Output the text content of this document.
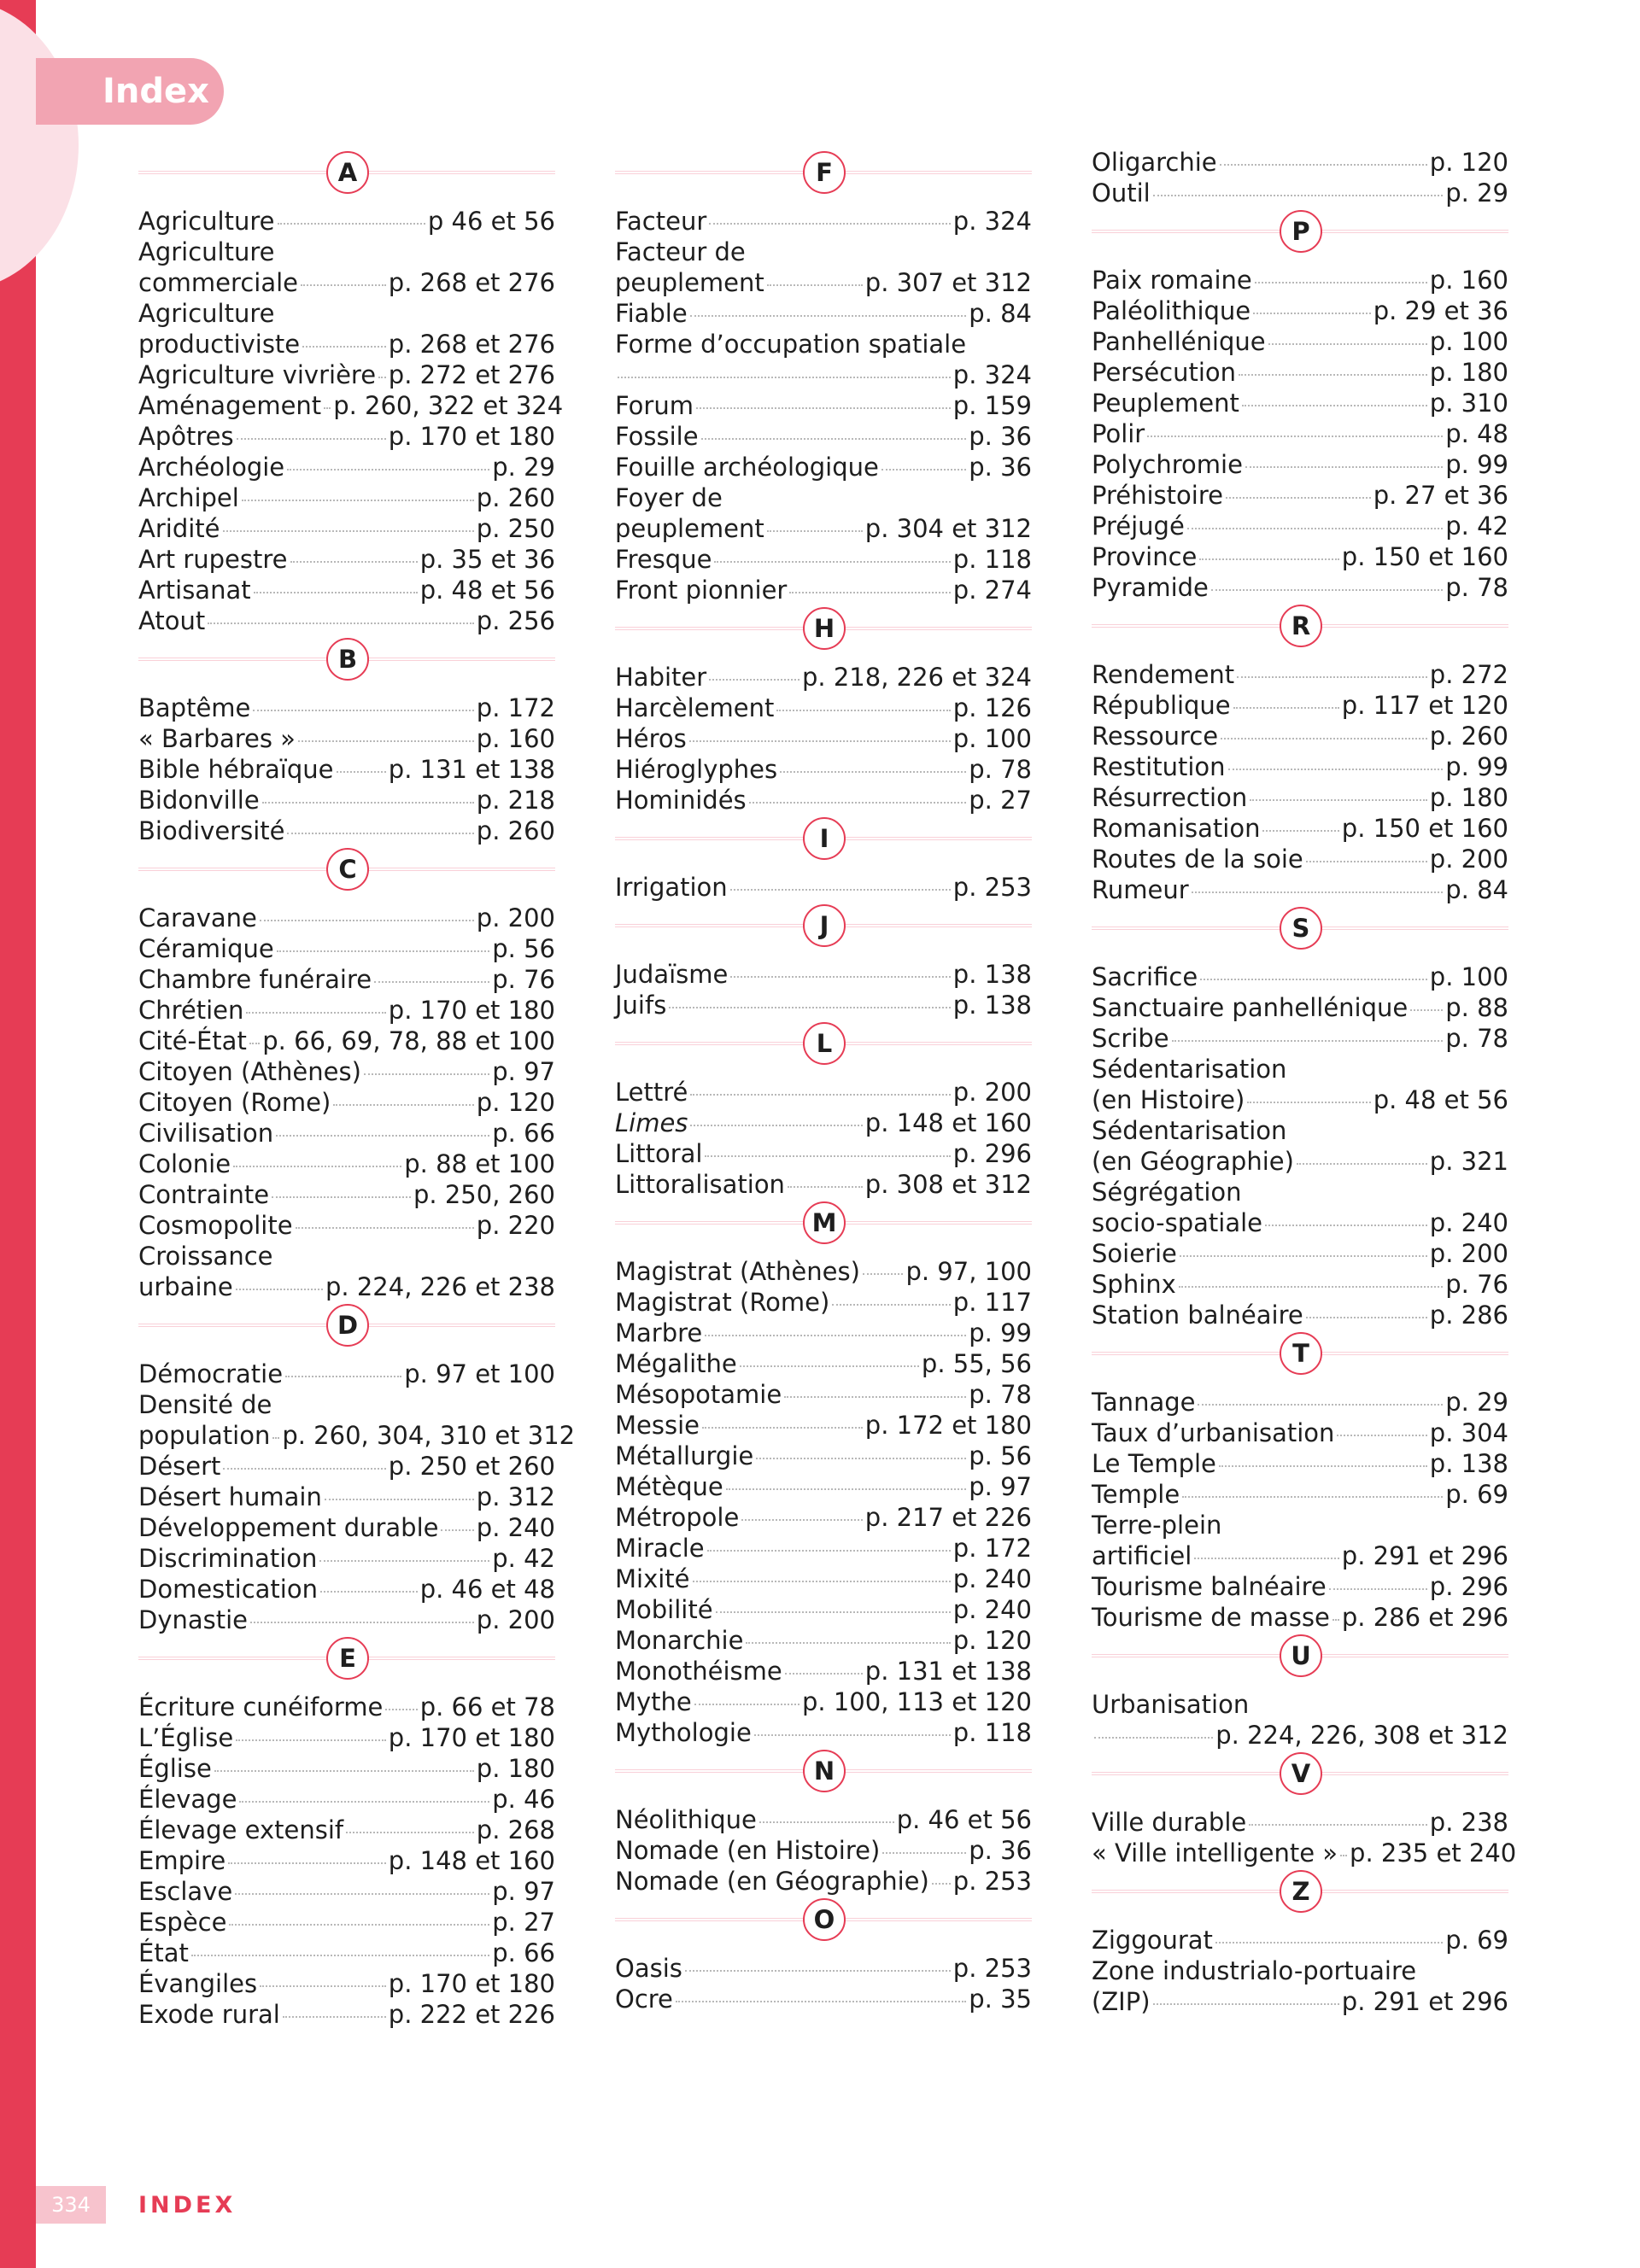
Index
A
Agriculture	p 46 et 56
Agriculture
commerciale	p. 268 et 276
Agriculture
productiviste	p. 268 et 276
Agriculture vivrière p. 272 et 276
Aménagement p. 260, 322 et 324
Apôtres	p. 170 et 180
Archéologie	p. 29
Archipel	p. 260
Aridité	p. 250
Art rupestre	p. 35 et 36
Artisanat	p. 48 et 56
Atout	p. 256
B
Baptême	p. 172
« Barbares »	p. 160
Bible hébraïque p. 131 et 138
Bidonville	p. 218
Biodiversité	p. 260
C
Caravane	p. 200
Céramique	p. 56
Chambre funéraire	p. 76
Chrétien	p. 170 et 180
Cité-État p. 66, 69, 78, 88 et 100
Citoyen (Athènes)	p. 97
Citoyen (Rome)	p. 120
Civilisation	p. 66
Colonie	p. 88 et 100
Contrainte	p. 250, 260
Cosmopolite	p. 220
Croissance
urbaine	p. 224, 226 et 238
D
Démocratie	p. 97 et 100
Densité de
population p. 260, 304, 310 et 312
Désert	p. 250 et 260
Désert humain	p. 312
Développement durable p. 240
Discrimination	p. 42
Domestication	p. 46 et 48
Dynastie	p. 200
E
Écriture cunéiforme p. 66 et 78
L’Église	p. 170 et 180
Église	p. 180
Élevage	p. 46
Élevage extensif	p. 268
Empire	p. 148 et 160
Esclave	p. 97
Espèce	p. 27
État	p. 66
Évangiles	p. 170 et 180
Exode rural	p. 222 et 226
F
Facteur	p. 324
Facteur de
peuplement	p. 307 et 312
Fiable	p. 84
Forme d’occupation spatiale
p. 324
Forum	p. 159
Fossile	p. 36
Fouille archéologique	p. 36
Foyer de
peuplement	p. 304 et 312
Fresque	p. 118
Front pionnier	p. 274
H
Habiter	p. 218, 226 et 324
Harcèlement	p. 126
Héros	p. 100
Hiéroglyphes	p. 78
Hominidés	p. 27
I
Irrigation	p. 253
J
Judaïsme	p. 138
Juifs	p. 138
L
Lettré	p. 200
Limes	p. 148 et 160
Littoral	p. 296
Littoralisation	p. 308 et 312
M
Magistrat (Athènes) p. 97, 100
Magistrat (Rome)	p. 117
Marbre	p. 99
Mégalithe	p. 55, 56
Mésopotamie	p. 78
Messie	p. 172 et 180
Métallurgie	p. 56
Métèque	p. 97
Métropole	p. 217 et 226
Miracle	p. 172
Mixité	p. 240
Mobilité	p. 240
Monarchie	p. 120
Monothéisme	p. 131 et 138
Mythe	p. 100, 113 et 120
Mythologie	p. 118
N
Néolithique	p. 46 et 56
Nomade (en Histoire)	p. 36
Nomade (en Géographie) p. 253
O
Oasis	p. 253
Ocre	p. 35
Oligarchie	p. 120
Outil	p. 29
P
Paix romaine	p. 160
Paléolithique	p. 29 et 36
Panhellénique	p. 100
Persécution	p. 180
Peuplement	p. 310
Polir	p. 48
Polychromie	p. 99
Préhistoire	p. 27 et 36
Préjugé	p. 42
Province	p. 150 et 160
Pyramide	p. 78
R
Rendement	p. 272
République	p. 117 et 120
Ressource	p. 260
Restitution	p. 99
Résurrection	p. 180
Romanisation	p. 150 et 160
Routes de la soie	p. 200
Rumeur	p. 84
S
Sacrifice	p. 100
Sanctuaire panhellénique p. 88
Scribe	p. 78
Sédentarisation
(en Histoire)	p. 48 et 56
Sédentarisation
(en Géographie)	p. 321
Ségrégation
socio-spatiale	p. 240
Soierie	p. 200
Sphinx	p. 76
Station balnéaire	p. 286
T
Tannage	p. 29
Taux d’urbanisation	p. 304
Le Temple	p. 138
Temple	p. 69
Terre-plein
artificiel	p. 291 et 296
Tourisme balnéaire	p. 296
Tourisme de masse p. 286 et 296
U
Urbanisation
p. 224, 226, 308 et 312
V
Ville durable	p. 238
« Ville intelligente » p. 235 et 240
Z
Ziggourat	p. 69
Zone industrialo-portuaire
(ZIP)	p. 291 et 296
334	INDEX
